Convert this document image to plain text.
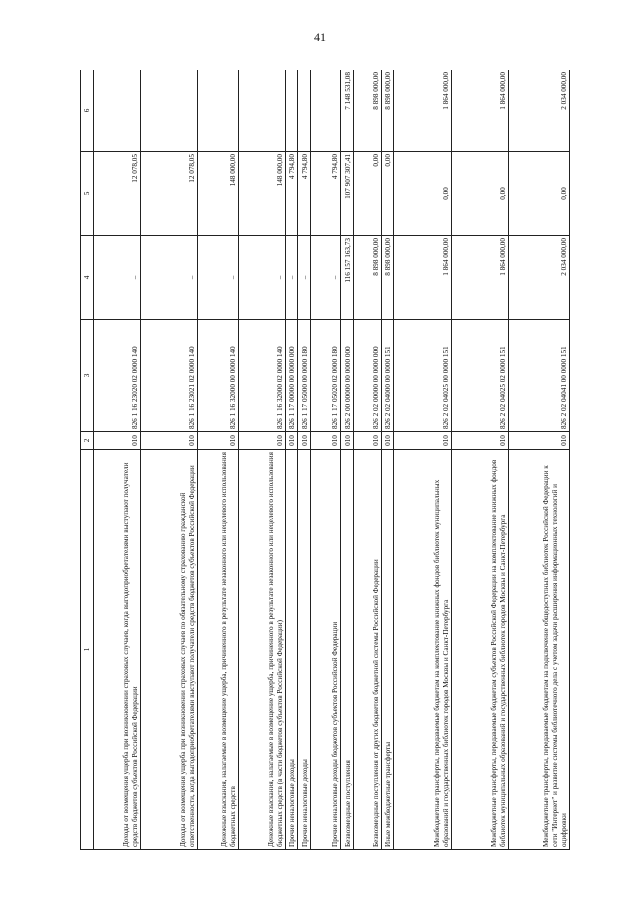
41
1	2	3	4	5	6
Доходы от возмещения ущерба при возникновении страховых случаев, когда выгодоприобретателями выступают получатели средств бюджетов субъектов Российской Федерации	010	826 1 16 23020 02 0000 140	–	12 078,05	
Доходы от возмещения ущерба при возникновении страховых случаев по обязательному страхованию гражданской ответственности, когда выгодоприобретателями выступают получатели средств бюджетов субъектов Российской Федерации	010	826 1 16 23021 02 0000 140	–	12 078,05	
Денежные взыскания, налагаемые в возмещение ущерба, причиненного в результате незаконного или нецелевого использования бюджетных средств	010	826 1 16 32000 00 0000 140	–	148 000,00	
Денежные взыскания, налагаемые в возмещение ущерба, причиненного в результате незаконного или нецелевого использования бюджетных средств (в части бюджетов субъектов Российской Федерации)	010	826 1 16 32000 02 0000 140	–	148 000,00	
Прочие неналоговые доходы	010	826 1 17 00000 00 0000 000	–	4 794,80	
Прочие неналоговые доходы	010	826 1 17 05000 00 0000 180	–	4 794,80	
Прочие неналоговые доходы бюджетов субъектов Российской Федерации	010	826 1 17 05020 02 0000 180	–	4 794,80	
Безвозмездные поступления	010	826 2 00 00000 00 0000 000	116 157 163,73	107 907 307,41	7 148 531,08
Безвозмездные поступления от других бюджетов бюджетной системы Российской Федерации	010	826 2 02 00000 00 0000 000	8 898 000,00	0,00	8 898 000,00
Иные межбюджетные трансферты	010	826 2 02 04000 00 0000 151	8 898 000,00	0,00	8 898 000,00
Межбюджетные трансферты, передаваемые бюджетам на комплектование книжных фондов библиотек муниципальных образований и государственных библиотек городов Москвы и Санкт-Петербурга	010	826 2 02 04025 00 0000 151	1 864 000,00	0,00	1 864 000,00
Межбюджетные трансферты, передаваемые бюджетам субъектов Российской Федерации на комплектование книжных фондов библиотек муниципальных образований и государственных библиотек городов Москвы и Санкт-Петербурга	010	826 2 02 04025 02 0000 151	1 864 000,00	0,00	1 864 000,00
Межбюджетные трансферты, передаваемые бюджетам на подключение общедоступных библиотек Российской Федерации к сети "Интернет" и развитие системы библиотечного дела с учетом задачи расширения информационных технологий и оцифровки	010	826 2 02 04041 00 0000 151	2 034 000,00	0,00	2 034 000,00
